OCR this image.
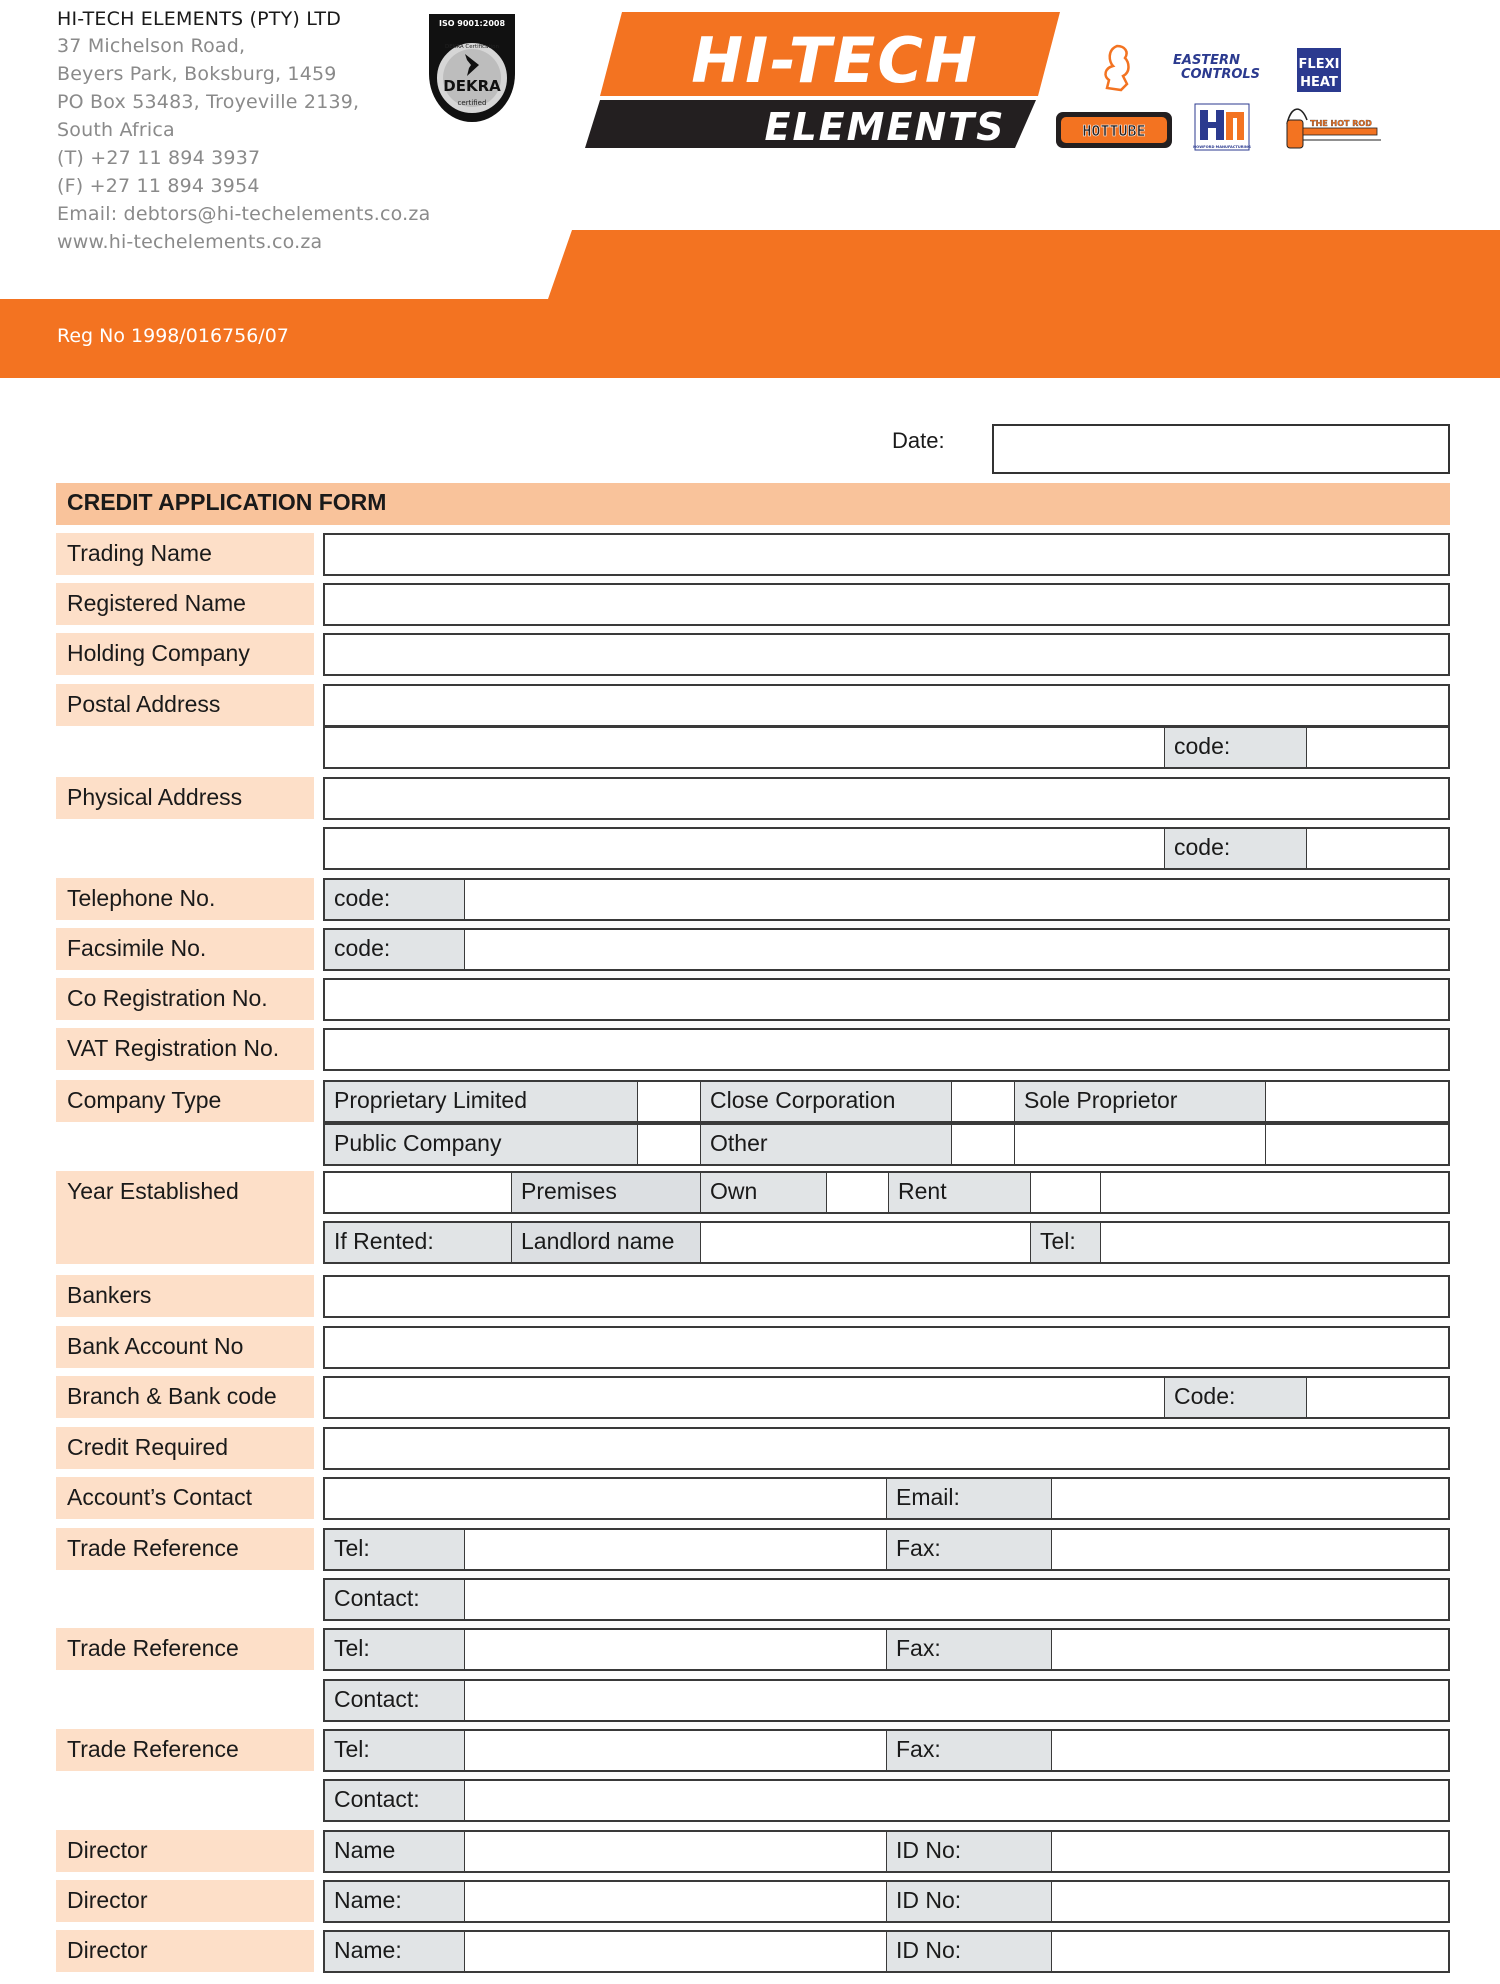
HI-TECH ELEMENTS (PTY) LTD
37 Michelson Road,
Beyers Park, Boksburg, 1459
PO Box 53483, Troyeville 2139,
South Africa
(T) +27 11 894 3937
(F) +27 11 894 3954
Email: debtors@hi-techelements.co.za
www.hi-techelements.co.za
ISO 9001:2008
DEKRA Certification
DEKRA
certified
HI-TECH
ELEMENTS
EASTERN
CONTROLS
FLEXI
HEAT
HOTTUBE
HOWFORD MANUFACTURING
THE HOT ROD
Reg No 1998/016756/07
Date:
CREDIT APPLICATION FORM
Trading Name
Registered Name
Holding Company
Postal Address
code:
Physical Address
code:
Telephone No.	code:
Facsimile No.	code:
Co Registration No.
VAT Registration No.
Company Type	Proprietary Limited	Close Corporation	Sole Proprietor
Public Company	Other
Year Established	Premises	Own	Rent
If Rented:	Landlord name	Tel:
Bankers
Bank Account No
Branch & Bank code	Code:
Credit Required
Account’s Contact	Email:
Trade Reference	Tel:	Fax:
Contact:
Trade Reference	Tel:	Fax:
Contact:
Trade Reference	Tel:	Fax:
Contact:
Director	Name	ID No:
Director	Name:	ID No:
Director	Name:	ID No:
